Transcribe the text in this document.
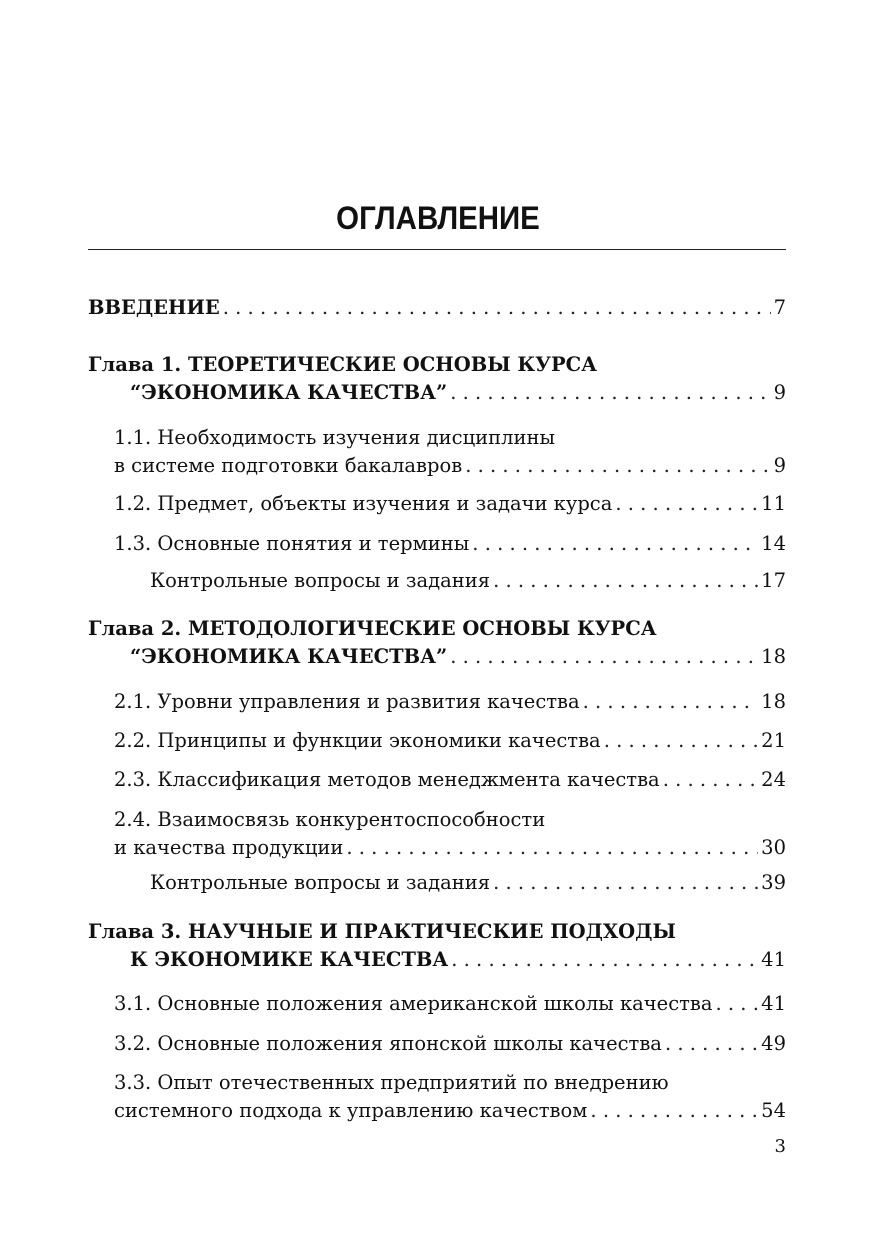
ОГЛАВЛЕНИЕ
ВВЕДЕНИЕ . . .	7
Глава 1. ТЕОРЕТИЧЕСКИЕ ОСНОВЫ КУРСА
“ЭКОНОМИКА КАЧЕСТВА” . . .	9
1.1. Необходимость изучения дисциплины
в системе подготовки бакалавров . . .	9
1.2. Предмет, объекты изучения и задачи курса . . .	11
1.3. Основные понятия и термины . . .	14
Контрольные вопросы и задания . . .	17
Глава 2. МЕТОДОЛОГИЧЕСКИЕ ОСНОВЫ КУРСА
“ЭКОНОМИКА КАЧЕСТВА” . . .	18
2.1. Уровни управления и развития качества . . .	18
2.2. Принципы и функции экономики качества . . .	21
2.3. Классификация методов менеджмента качества . . .	24
2.4. Взаимосвязь конкурентоспособности
и качества продукции . . .	30
Контрольные вопросы и задания . . .	39
Глава 3. НАУЧНЫЕ И ПРАКТИЧЕСКИЕ ПОДХОДЫ
К ЭКОНОМИКЕ КАЧЕСТВА . . .	41
3.1. Основные положения американской школы качества . . . 41
3.2. Основные положения японской школы качества . . .	49
3.3. Опыт отечественных предприятий по внедрению
системного подхода к управлению качеством . . .	54
3
